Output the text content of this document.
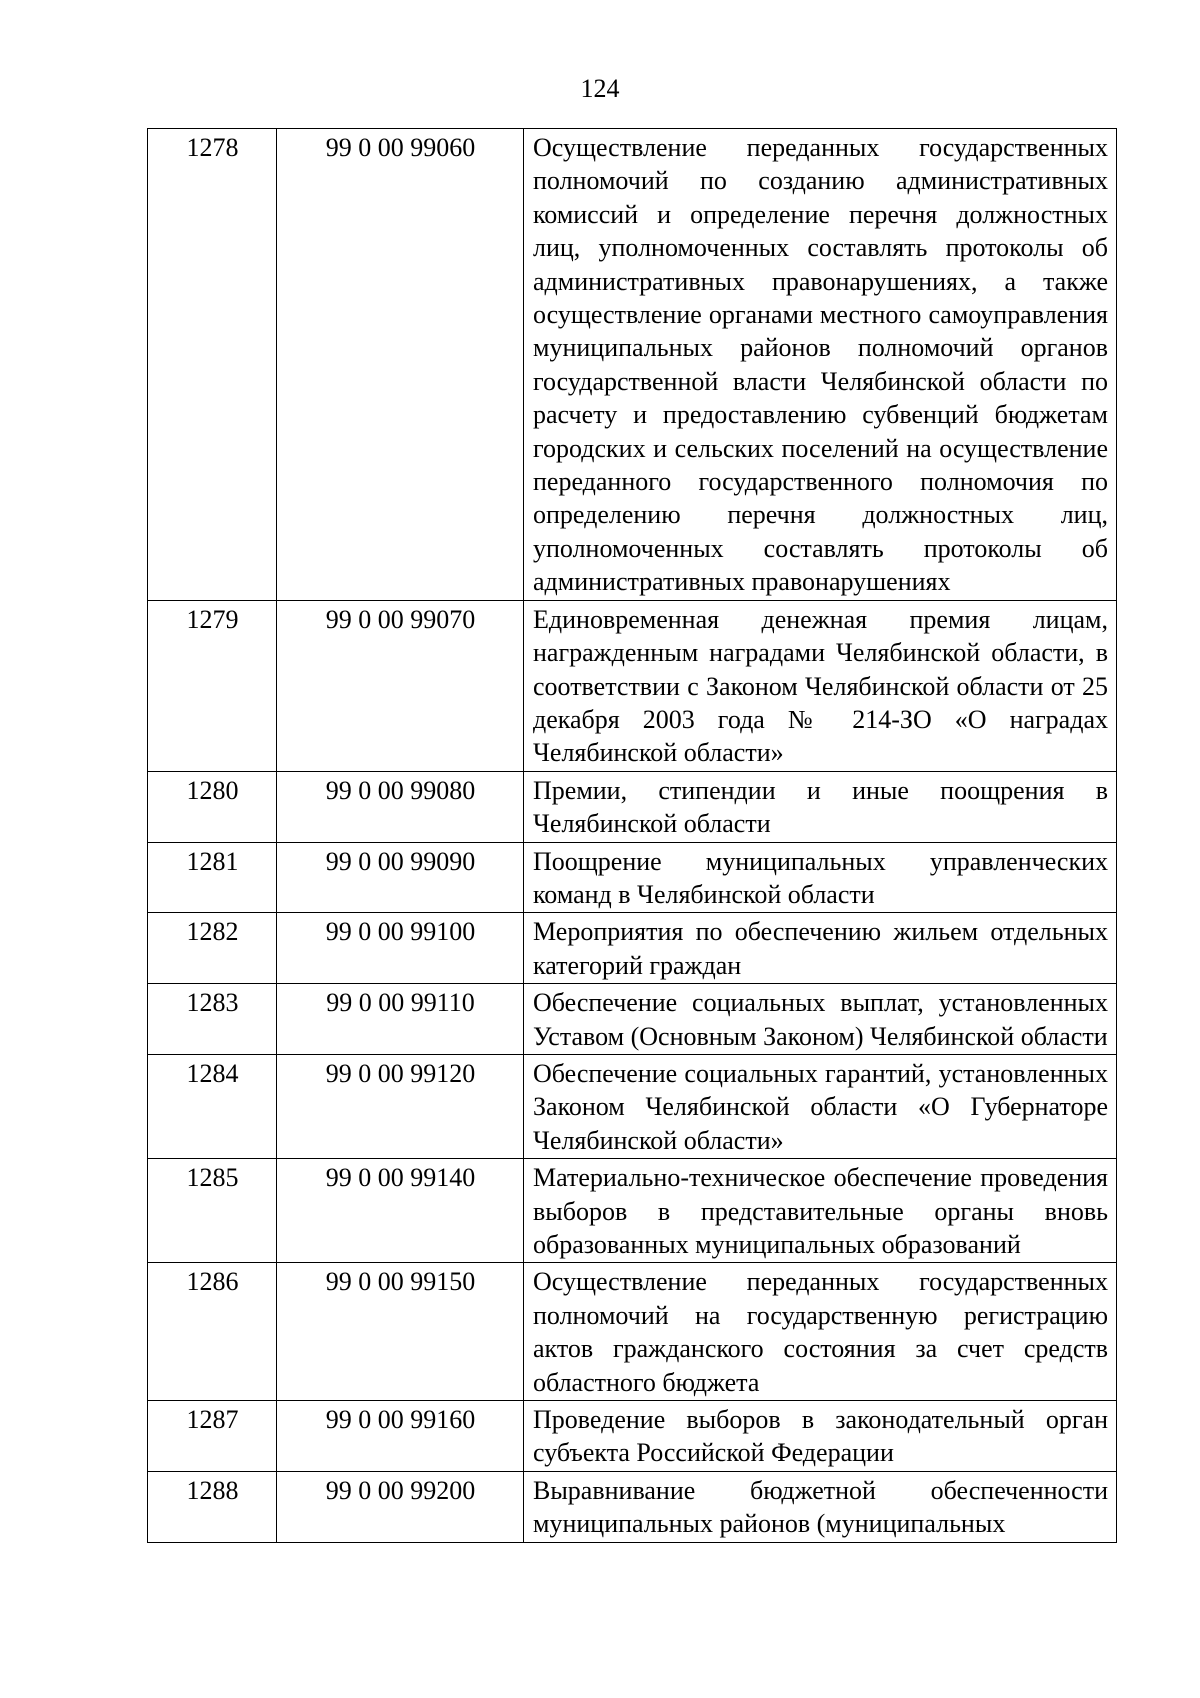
124
1278	99 0 00 99060	Осуществление переданных государственных полномочий по созданию административных комиссий и определение перечня должностных лиц, уполномоченных составлять протоколы об административных правонарушениях, а также осуществление органами местного самоуправления муниципальных районов полномочий органов государственной власти Челябинской области по расчету и предоставлению субвенций бюджетам городских и сельских поселений на осуществление переданного государственного полномочия по определению перечня должностных лиц, уполномоченных составлять протоколы об административных правонарушениях
1279	99 0 00 99070	Единовременная денежная премия лицам, награжденным наградами Челябинской области, в соответствии с Законом Челябинской области от 25 декабря 2003 года № 214-ЗО «О наградах Челябинской области»
1280	99 0 00 99080	Премии, стипендии и иные поощрения в Челябинской области
1281	99 0 00 99090	Поощрение муниципальных управленческих команд в Челябинской области
1282	99 0 00 99100	Мероприятия по обеспечению жильем отдельных категорий граждан
1283	99 0 00 99110	Обеспечение социальных выплат, установленных Уставом (Основным Законом) Челябинской области
1284	99 0 00 99120	Обеспечение социальных гарантий, установленных Законом Челябинской области «О Губернаторе Челябинской области»
1285	99 0 00 99140	Материально-техническое обеспечение проведения выборов в представительные органы вновь образованных муниципальных образований
1286	99 0 00 99150	Осуществление переданных государственных полномочий на государственную регистрацию актов гражданского состояния за счет средств областного бюджета
1287	99 0 00 99160	Проведение выборов в законодательный орган субъекта Российской Федерации
1288	99 0 00 99200	Выравнивание бюджетной обеспеченности муниципальных районов (муниципальных
